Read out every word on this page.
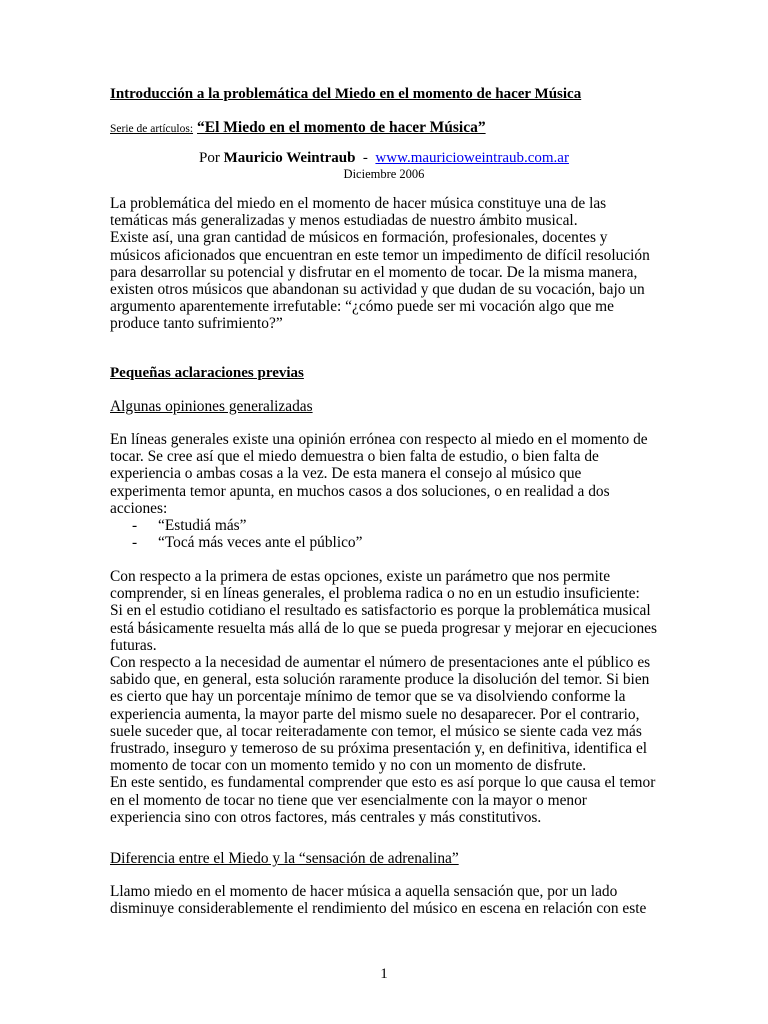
Introducción a la problemática del Miedo en el momento de hacer Música
Serie de artículos: “El Miedo en el momento de hacer Música”
Por Mauricio Weintraub - www.mauricioweintraub.com.ar
Diciembre 2006

La problemática del miedo en el momento de hacer música constituye una de las temáticas más generalizadas y menos estudiadas de nuestro ámbito musical.

Existe así, una gran cantidad de músicos en formación, profesionales, docentes y músicos aficionados que encuentran en este temor un impedimento de difícil resolución para desarrollar su potencial y disfrutar en el momento de tocar. De la misma manera, existen otros músicos que abandonan su actividad y que dudan de su vocación, bajo un argumento aparentemente irrefutable: “¿cómo puede ser mi vocación algo que me produce tanto sufrimiento?”

Pequeñas aclaraciones previas
Algunas opiniones generalizadas
En líneas generales existe una opinión errónea con respecto al miedo en el momento de tocar. Se cree así que el miedo demuestra o bien falta de estudio, o bien falta de experiencia o ambas cosas a la vez. De esta manera el consejo al músico que experimenta temor apunta, en muchos casos a dos soluciones, o en realidad a dos acciones:
-	“Estudiá más”
-	“Tocá más veces ante el público”

Con respecto a la primera de estas opciones, existe un parámetro que nos permite comprender, si en líneas generales, el problema radica o no en un estudio insuficiente:

Si en el estudio cotidiano el resultado es satisfactorio es porque la problemática musical está básicamente resuelta más allá de lo que se pueda progresar y mejorar en ejecuciones futuras.

Con respecto a la necesidad de aumentar el número de presentaciones ante el público es sabido que, en general, esta solución raramente produce la disolución del temor. Si bien es cierto que hay un porcentaje mínimo de temor que se va disolviendo conforme la experiencia aumenta, la mayor parte del mismo suele no desaparecer. Por el contrario, suele suceder que, al tocar reiteradamente con temor, el músico se siente cada vez más frustrado, inseguro y temeroso de su próxima presentación y, en definitiva, identifica el momento de tocar con un momento temido y no con un momento de disfrute.

En este sentido, es fundamental comprender que esto es así porque lo que causa el temor en el momento de tocar no tiene que ver esencialmente con la mayor o menor experiencia sino con otros factores, más centrales y más constitutivos.

Diferencia entre el Miedo y la “sensación de adrenalina”
Llamo miedo en el momento de hacer música a aquella sensación que, por un lado disminuye considerablemente el rendimiento del músico en escena en relación con este
1
